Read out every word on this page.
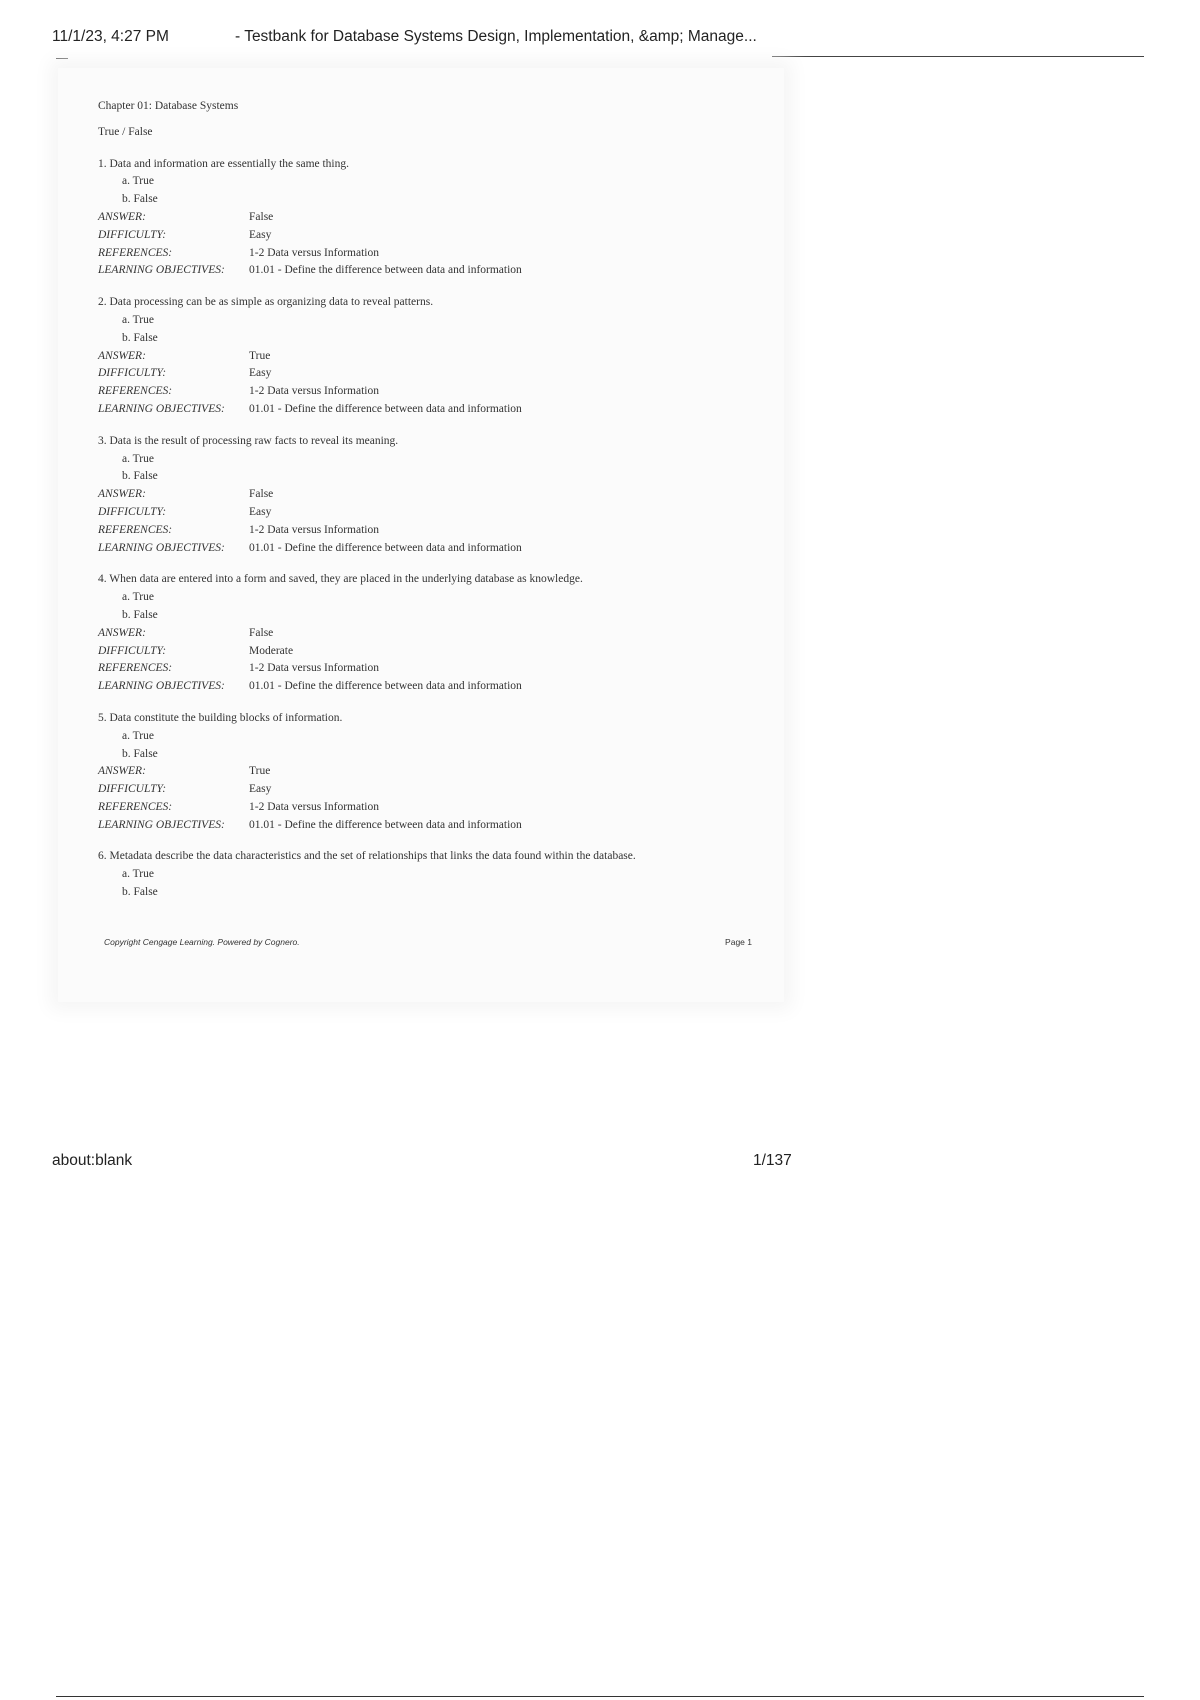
11/1/23, 4:27 PM	- Testbank for Database Systems Design, Implementation, &amp; Manage...
Chapter 01: Database Systems
True / False
1. Data and information are essentially the same thing.
a. True
b. False
ANSWER:	False
DIFFICULTY:	Easy
REFERENCES:	1-2 Data versus Information
LEARNING OBJECTIVES:	01.01 - Define the difference between data and information
2. Data processing can be as simple as organizing data to reveal patterns.
a. True
b. False
ANSWER:	True
DIFFICULTY:	Easy
REFERENCES:	1-2 Data versus Information
LEARNING OBJECTIVES:	01.01 - Define the difference between data and information
3. Data is the result of processing raw facts to reveal its meaning.
a. True
b. False
ANSWER:	False
DIFFICULTY:	Easy
REFERENCES:	1-2 Data versus Information
LEARNING OBJECTIVES:	01.01 - Define the difference between data and information
4. When data are entered into a form and saved, they are placed in the underlying database as knowledge.
a. True
b. False
ANSWER:	False
DIFFICULTY:	Moderate
REFERENCES:	1-2 Data versus Information
LEARNING OBJECTIVES:	01.01 - Define the difference between data and information
5. Data constitute the building blocks of information.
a. True
b. False
ANSWER:	True
DIFFICULTY:	Easy
REFERENCES:	1-2 Data versus Information
LEARNING OBJECTIVES:	01.01 - Define the difference between data and information
6. Metadata describe the data characteristics and the set of relationships that links the data found within the database.
a. True
b. False
Copyright Cengage Learning. Powered by Cognero.	Page 1
about:blank	1/137
